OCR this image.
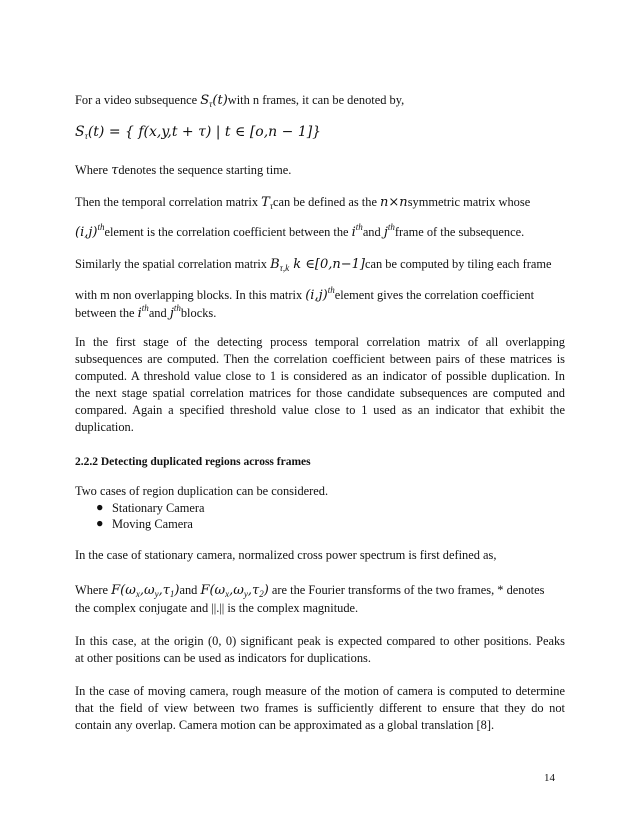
For a video subsequence $S_\tau(t)with$ n frames, it can be denoted by,
$S_\tau(t)$ = { f(x,y,t + τ) | t ∈ [o,n − 1]}
Where τdenotes the sequence starting time.
Then the temporal correlation matrix $T_\tau can$ be defined as the n×nsymmetric matrix whose
$(i,j)^{th}element$ is the correlation coefficient between the $i^{th}and$ $j^{th}frame$ of the subsequence.
Similarly the spatial correlation matrix $B_{\tau,k}$ k ∈[0,n−1]can be computed by tiling each frame
with m non overlapping blocks. In this matrix $(i,j)^{th}element$ gives the correlation coefficient
between the $i^{th}and$ $j^{th}blocks$.
In the first stage of the detecting process temporal correlation matrix of all overlapping
subsequences are computed. Then the correlation coefficient between pairs of these matrices is
computed. A threshold value close to 1 is considered as an indicator of possible duplication. In
the next stage spatial correlation matrices for those candidate subsequences are computed and
compared. Again a specified threshold value close to 1 used as an indicator that exhibit the
duplication.
2.2.2 Detecting duplicated regions across frames
Two cases of region duplication can be considered.
● Stationary Camera
● Moving Camera
In the case of stationary camera, normalized cross power spectrum is first defined as,
Where $F(\omega_x,\omega_y,\tau_1)and$ $F(\omega_x,\omega_y,\tau_2)$ are the Fourier transforms of the two frames, * denotes
the complex conjugate and ||.|| is the complex magnitude.
In this case, at the origin (0, 0) significant peak is expected compared to other positions. Peaks
at other positions can be used as indicators for duplications.
In the case of moving camera, rough measure of the motion of camera is computed to determine
that the field of view between two frames is sufficiently different to ensure that they do not
contain any overlap. Camera motion can be approximated as a global translation [8].
14
